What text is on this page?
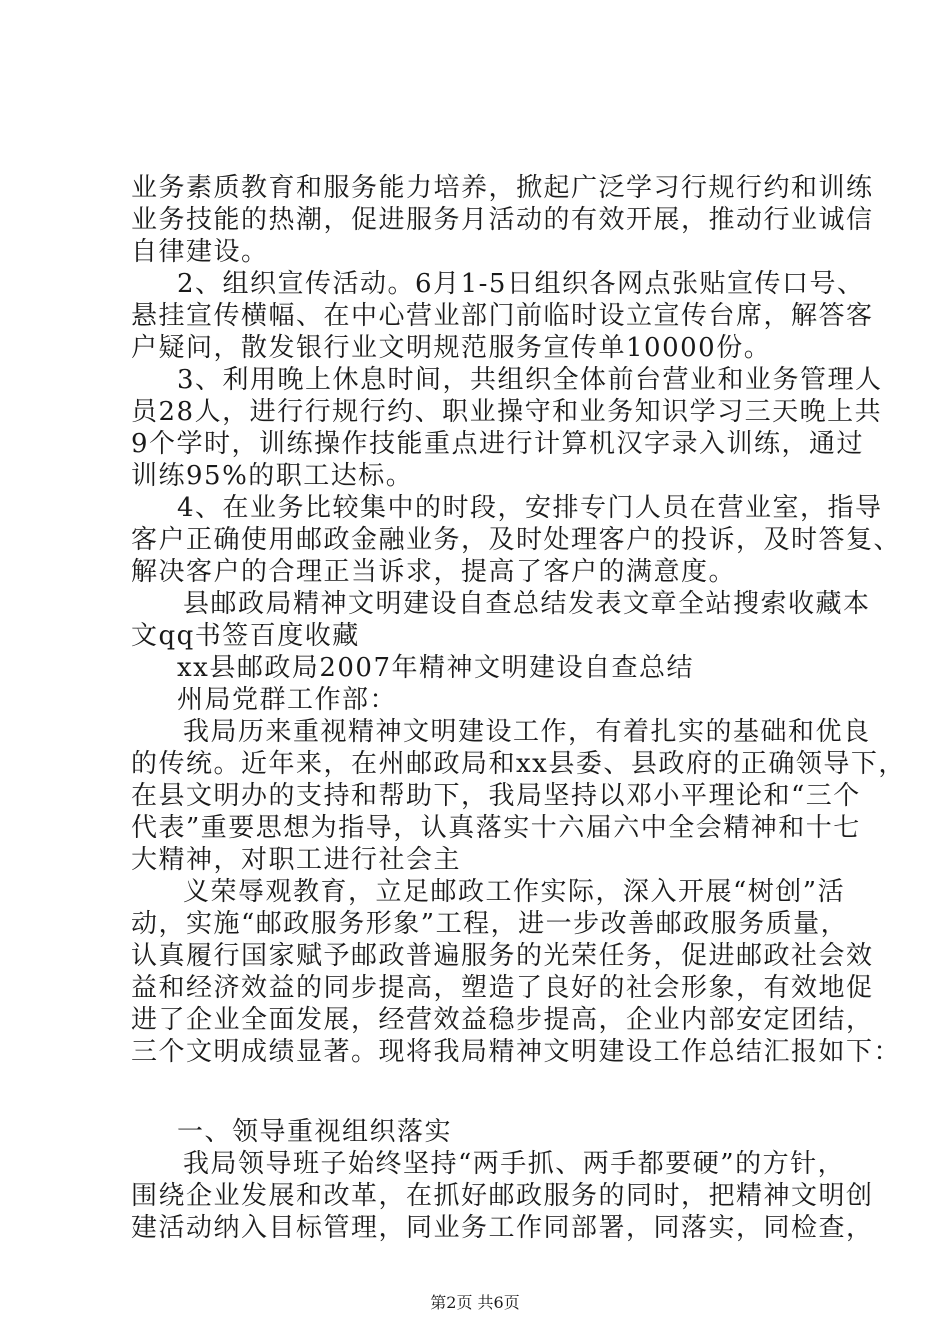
业务素质教育和服务能力培养，掀起广泛学习行规行约和训练
业务技能的热潮，促进服务月活动的有效开展，推动行业诚信
自律建设。
2、组织宣传活动。6月1-5日组织各网点张贴宣传口号、
悬挂宣传横幅、在中心营业部门前临时设立宣传台席，解答客
户疑问，散发银行业文明规范服务宣传单10000份。
3、利用晚上休息时间，共组织全体前台营业和业务管理人
员28人，进行行规行约、职业操守和业务知识学习三天晚上共
9个学时，训练操作技能重点进行计算机汉字录入训练，通过
训练95%的职工达标。
4、在业务比较集中的时段，安排专门人员在营业室，指导
客户正确使用邮政金融业务，及时处理客户的投诉，及时答复、
解决客户的合理正当诉求，提高了客户的满意度。
县邮政局精神文明建设自查总结发表文章全站搜索收藏本
文qq书签百度收藏
xx县邮政局2007年精神文明建设自查总结
州局党群工作部：
我局历来重视精神文明建设工作，有着扎实的基础和优良
的传统。近年来，在州邮政局和xx县委、县政府的正确领导下，
在县文明办的支持和帮助下，我局坚持以邓小平理论和“三个
代表”重要思想为指导，认真落实十六届六中全会精神和十七
大精神，对职工进行社会主
义荣辱观教育，立足邮政工作实际，深入开展“树创”活
动，实施“邮政服务形象”工程，进一步改善邮政服务质量，
认真履行国家赋予邮政普遍服务的光荣任务，促进邮政社会效
益和经济效益的同步提高，塑造了良好的社会形象，有效地促
进了企业全面发展，经营效益稳步提高，企业内部安定团结，
三个文明成绩显著。现将我局精神文明建设工作总结汇报如下：
一、领导重视组织落实
我局领导班子始终坚持“两手抓、两手都要硬”的方针，
围绕企业发展和改革，在抓好邮政服务的同时，把精神文明创
建活动纳入目标管理，同业务工作同部署，同落实，同检查，
第2页 共6页
